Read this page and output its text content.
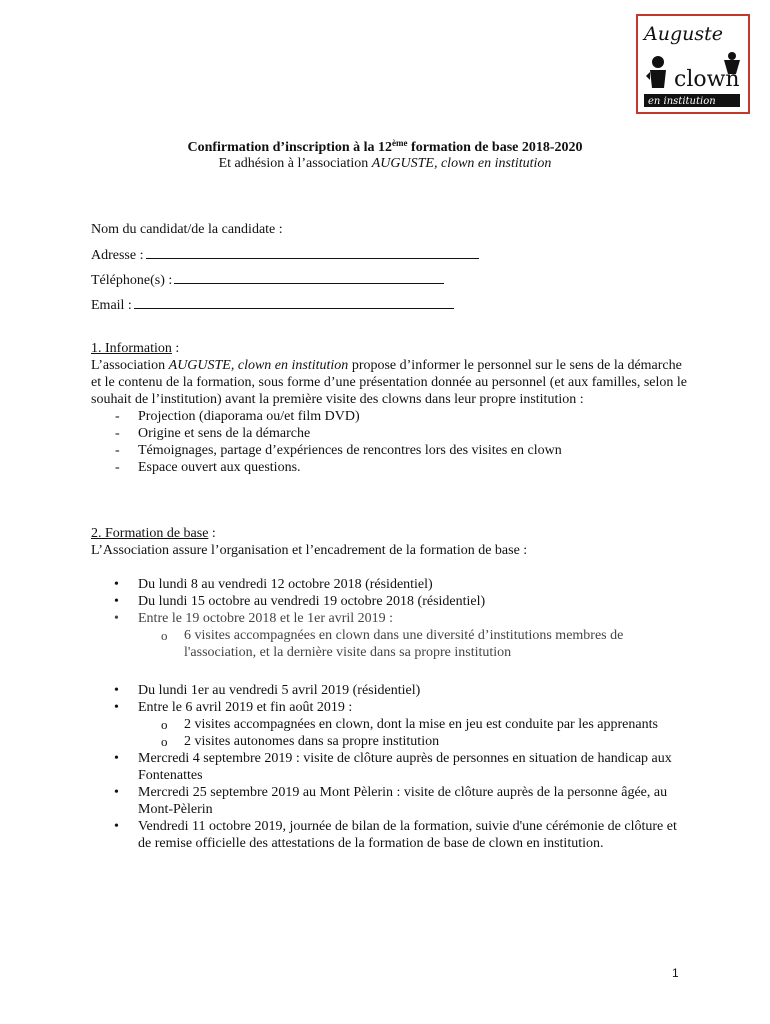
Auguste
clown
en institution
Confirmation d’inscription à la 12ème formation de base 2018-2020
Et adhésion à l’association AUGUSTE, clown en institution
Nom du candidat/de la candidate :
Adresse :
Téléphone(s) :
Email :
1. Information :
L’association AUGUSTE, clown en institution propose d’informer le personnel sur le sens de la démarche et le contenu de la formation, sous forme d’une présentation donnée au personnel (et aux familles, selon le souhait de l’institution) avant la première visite des clowns dans leur propre institution :
- Projection (diaporama ou/et film DVD)
- Origine et sens de la démarche
- Témoignages, partage d’expériences de rencontres lors des visites en clown
- Espace ouvert aux questions.
2. Formation de base :
L’Association assure l’organisation et l’encadrement de la formation de base :
• Du lundi 8 au vendredi 12 octobre 2018 (résidentiel)
• Du lundi 15 octobre au vendredi 19 octobre 2018 (résidentiel)
• Entre le 19 octobre 2018 et le 1er avril 2019 :
o 6 visites accompagnées en clown dans une diversité d’institutions membres de l'association, et la dernière visite dans sa propre institution
• Du lundi 1er au vendredi 5 avril 2019 (résidentiel)
• Entre le 6 avril 2019 et fin août 2019 :
o 2 visites accompagnées en clown, dont la mise en jeu est conduite par les apprenants
o 2 visites autonomes dans sa propre institution
• Mercredi 4 septembre 2019 : visite de clôture auprès de personnes en situation de handicap aux Fontenattes
• Mercredi 25 septembre 2019 au Mont Pèlerin : visite de clôture auprès de la personne âgée, au Mont-Pèlerin
• Vendredi 11 octobre 2019, journée de bilan de la formation, suivie d'une cérémonie de clôture et de remise officielle des attestations de la formation de base de clown en institution.
1
